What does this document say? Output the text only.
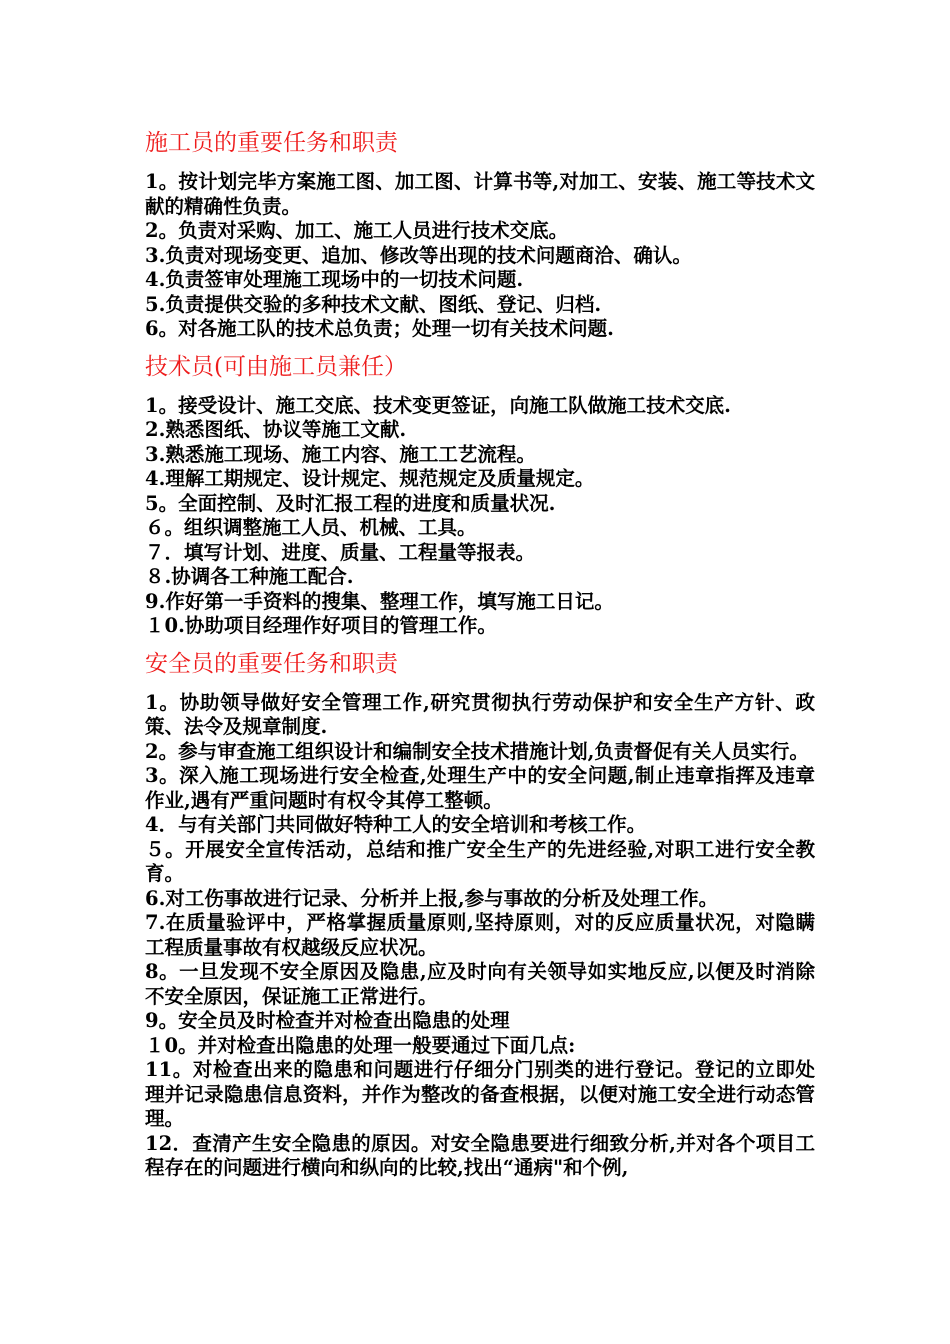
施工员的重要任务和职责

1。按计划完毕方案施工图、加工图、计算书等,对加工、安装、施工等技术文献的精确性负责。

2。负责对采购、加工、施工人员进行技术交底。

3.负责对现场变更、追加、修改等出现的技术问题商洽、确认。

4.负责签审处理施工现场中的一切技术问题.

5.负责提供交验的多种技术文献、图纸、登记、归档.

6。对各施工队的技术总负责；处理一切有关技术问题.

技术员(可由施工员兼任）

1。接受设计、施工交底、技术变更签证，向施工队做施工技术交底.

2.熟悉图纸、协议等施工文献.

3.熟悉施工现场、施工内容、施工工艺流程。

4.理解工期规定、设计规定、规范规定及质量规定。

5。全面控制、及时汇报工程的进度和质量状况.

６。组织调整施工人员、机械、工具。

７．填写计划、进度、质量、工程量等报表。

８.协调各工种施工配合.

9.作好第一手资料的搜集、整理工作，填写施工日记。

１0.协助项目经理作好项目的管理工作。

安全员的重要任务和职责

1。协助领导做好安全管理工作,研究贯彻执行劳动保护和安全生产方针、政策、法令及规章制度.

2。参与审查施工组织设计和编制安全技术措施计划,负责督促有关人员实行。

3。深入施工现场进行安全检查,处理生产中的安全问题,制止违章指挥及违章作业,遇有严重问题时有权令其停工整顿。

4．与有关部门共同做好特种工人的安全培训和考核工作。

５。开展安全宣传活动，总结和推广安全生产的先进经验,对职工进行安全教育。

6.对工伤事故进行记录、分析并上报,参与事故的分析及处理工作。

7.在质量验评中，严格掌握质量原则,坚持原则，对的反应质量状况，对隐瞒工程质量事故有权越级反应状况。

8。一旦发现不安全原因及隐患,应及时向有关领导如实地反应,以便及时消除不安全原因，保证施工正常进行。

9。安全员及时检查并对检查出隐患的处理

１0。并对检查出隐患的处理一般要通过下面几点:

11。对检查出来的隐患和问题进行仔细分门别类的进行登记。登记的立即处理并记录隐患信息资料，并作为整改的备查根据，以便对施工安全进行动态管理。

12．查清产生安全隐患的原因。对安全隐患要进行细致分析,并对各个项目工程存在的问题进行横向和纵向的比较,找出“通病"和个例,
